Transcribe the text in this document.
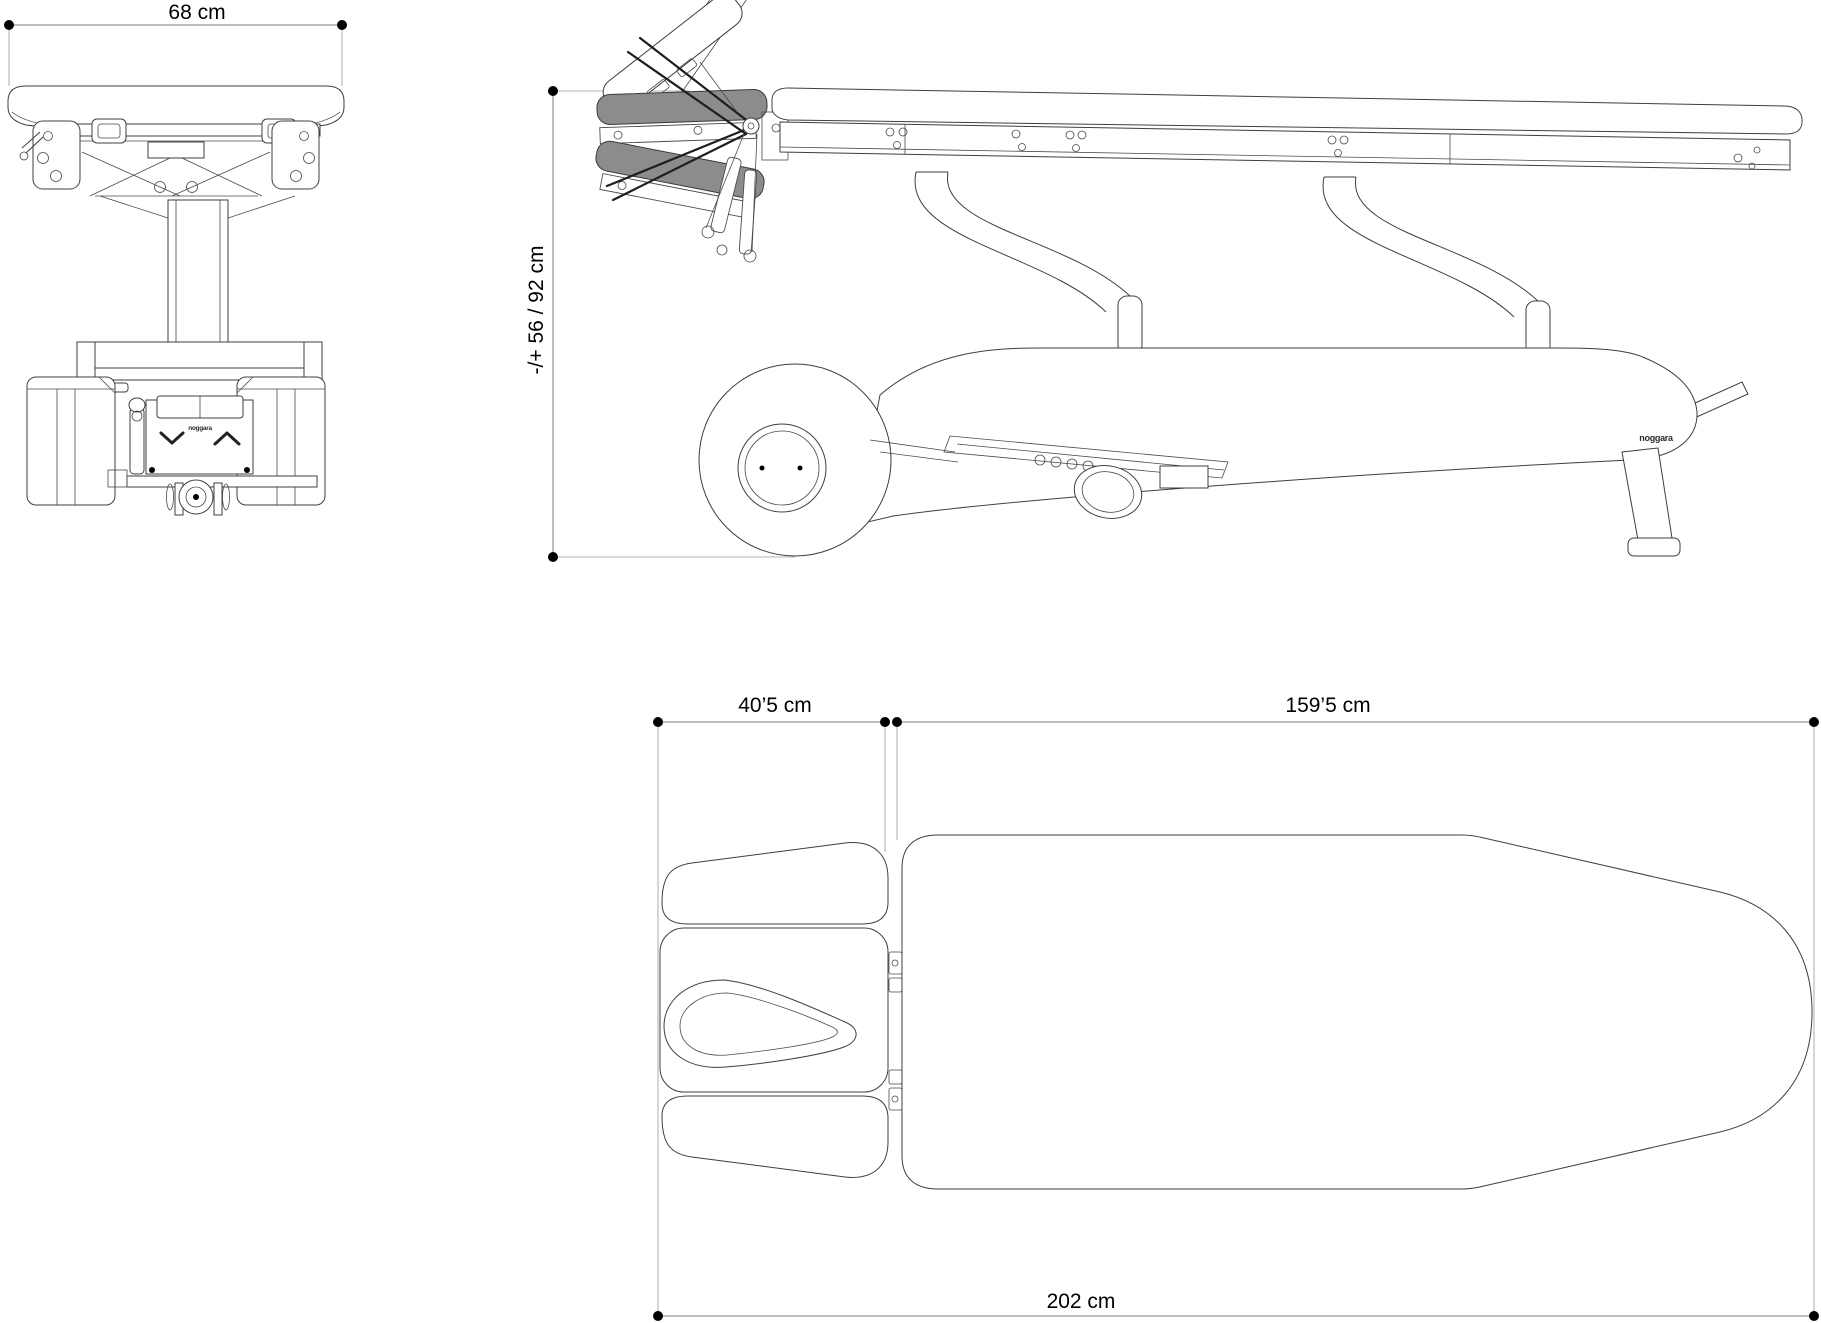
68 cm
noggara
-/+ 56 / 92 cm
noggara
40’5 cm	159’5 cm
202 cm
